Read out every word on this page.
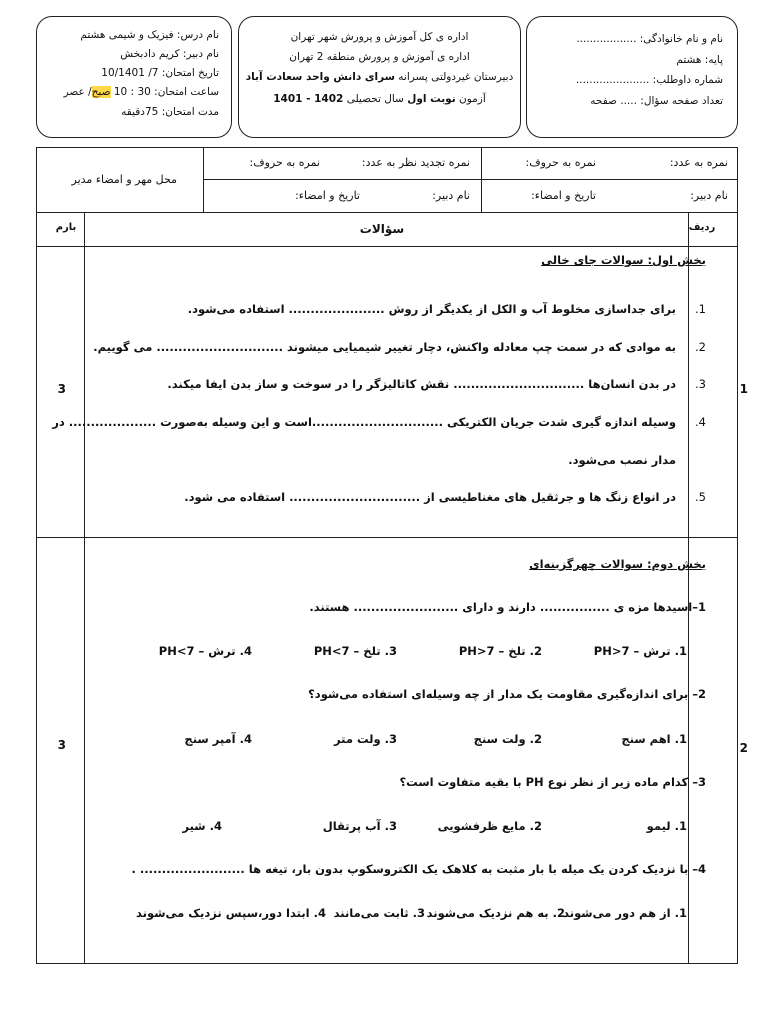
نام و نام خانوادگی: ..................
پایه: هشتم
شماره داوطلب: ......................
تعداد صفحه سؤال: ..... صفحه
اداره ی کل آموزش و پرورش شهر تهران
اداره ی آموزش و پرورش منطقه 2 تهران
دبیرستان غیردولتی پسرانه سرای دانش واحد سعادت آباد
آزمون نوبت اول سال تحصیلی 1402 - 1401
نام درس: فیزیک و شیمی هشتم
نام دبیر: کریم دادبخش
تاریخ امتحان: 7/ 10/1401
ساعت امتحان: 30 : 10 صبح/ عصر
مدت امتحان: 75دقیقه
نمره به عدد:
نمره به حروف:
نمره تجدید نظر به عدد:
نمره به حروف:
نام دبیر:
تاریخ و امضاء:
نام دبیر:
تاریخ و امضاء:
محل مهر و امضاء مدیر
ردیف
سؤالات
بارم
1
3
بخش اول: سوالات جای خالی
1.  برای جداسازی مخلوط آب و الکل از یکدیگر از روش ...................... استفاده می‌شود.
2.  به موادی که در سمت چپ معادله واکنش، دچار تغییر شیمیایی میشوند ............................. می گوییم.
3.  در بدن انسان‌ها .............................. نقش کاتالیزگر را در سوخت و ساز بدن ایفا میکند.
4.  وسیله اندازه گیری شدت جریان الکتریکی ..............................است و این وسیله به‌صورت .................... در
مدار نصب می‌شود.
5.  در انواع زنگ ها و جرثقیل های مغناطیسی از .............................. استفاده می شود.
2
3
بخش دوم: سوالات چهرگزینه‌ای
1–اسیدها مزه ی ................ دارند و دارای ........................ هستند.
1. ترش – PH>7
2. تلخ – PH>7
3. تلخ – PH<7
4. ترش – PH<7
2– برای اندازه‌گیری مقاومت یک مدار از چه وسیله‌ای استفاده می‌شود؟
1. اهم سنج
2. ولت سنج
3. ولت متر
4. آمپر سنج
3– کدام ماده زیر از نظر نوع PH با بقیه متفاوت است؟
1. لیمو
2. مایع ظرفشویی
3. آب پرتقال
4. شیر
4– با نزدیک کردن یک میله با بار مثبت به کلاهک یک الکتروسکوپ بدون بار، تیغه ها ........................ .
1. از هم دور می‌شوند
2. به هم نزدیک می‌شوند
3. ثابت می‌مانند
4. ابتدا دور،سپس نزدیک می‌شوند
